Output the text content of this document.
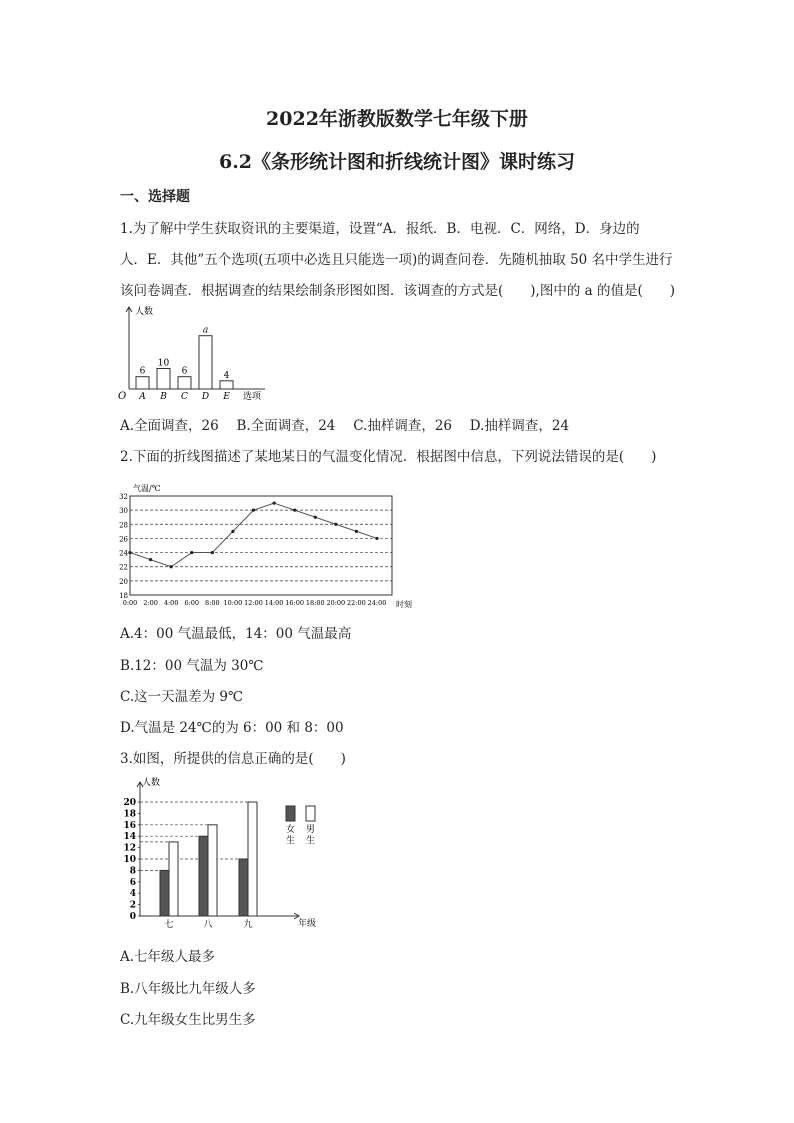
2022年浙教版数学七年级下册
6.2《条形统计图和折线统计图》课时练习
一、选择题
1.为了解中学生获取资讯的主要渠道，设置“A．报纸．B．电视．C．网络，D．身边的
人．E．其他”五个选项(五项中必选且只能选一项)的调查问卷．先随机抽取 50 名中学生进行
该问卷调查．根据调查的结果绘制条形图如图．该调查的方式是(　　),图中的 a 的值是(　　)
人数
选项
O
6
A
10
B
6
C
a
D
4
E
A.全面调查，26　 B.全面调查，24　 C.抽样调查，26　 D.抽样调查，24
2.下面的折线图描述了某地某日的气温变化情况．根据图中信息，下列说法错误的是(　　)
18
20
22
24
26
28
30
32
气温/℃
时刻
0:00 2:00 4:00 6:00 8:00 10:00 12:00 14:00 16:00 18:00 20:00 22:00 24:00
A.4：00 气温最低，14：00 气温最高
B.12：00 气温为 30℃
C.这一天温差为 9℃
D.气温是 24℃的为 6：00 和 8：00
3.如图，所提供的信息正确的是(　　)
人数
年级
0
2
4
6
8
10
12
14
16
18
20
七	八	九
女生
男生
A.七年级人最多
B.八年级比九年级人多
C.九年级女生比男生多
